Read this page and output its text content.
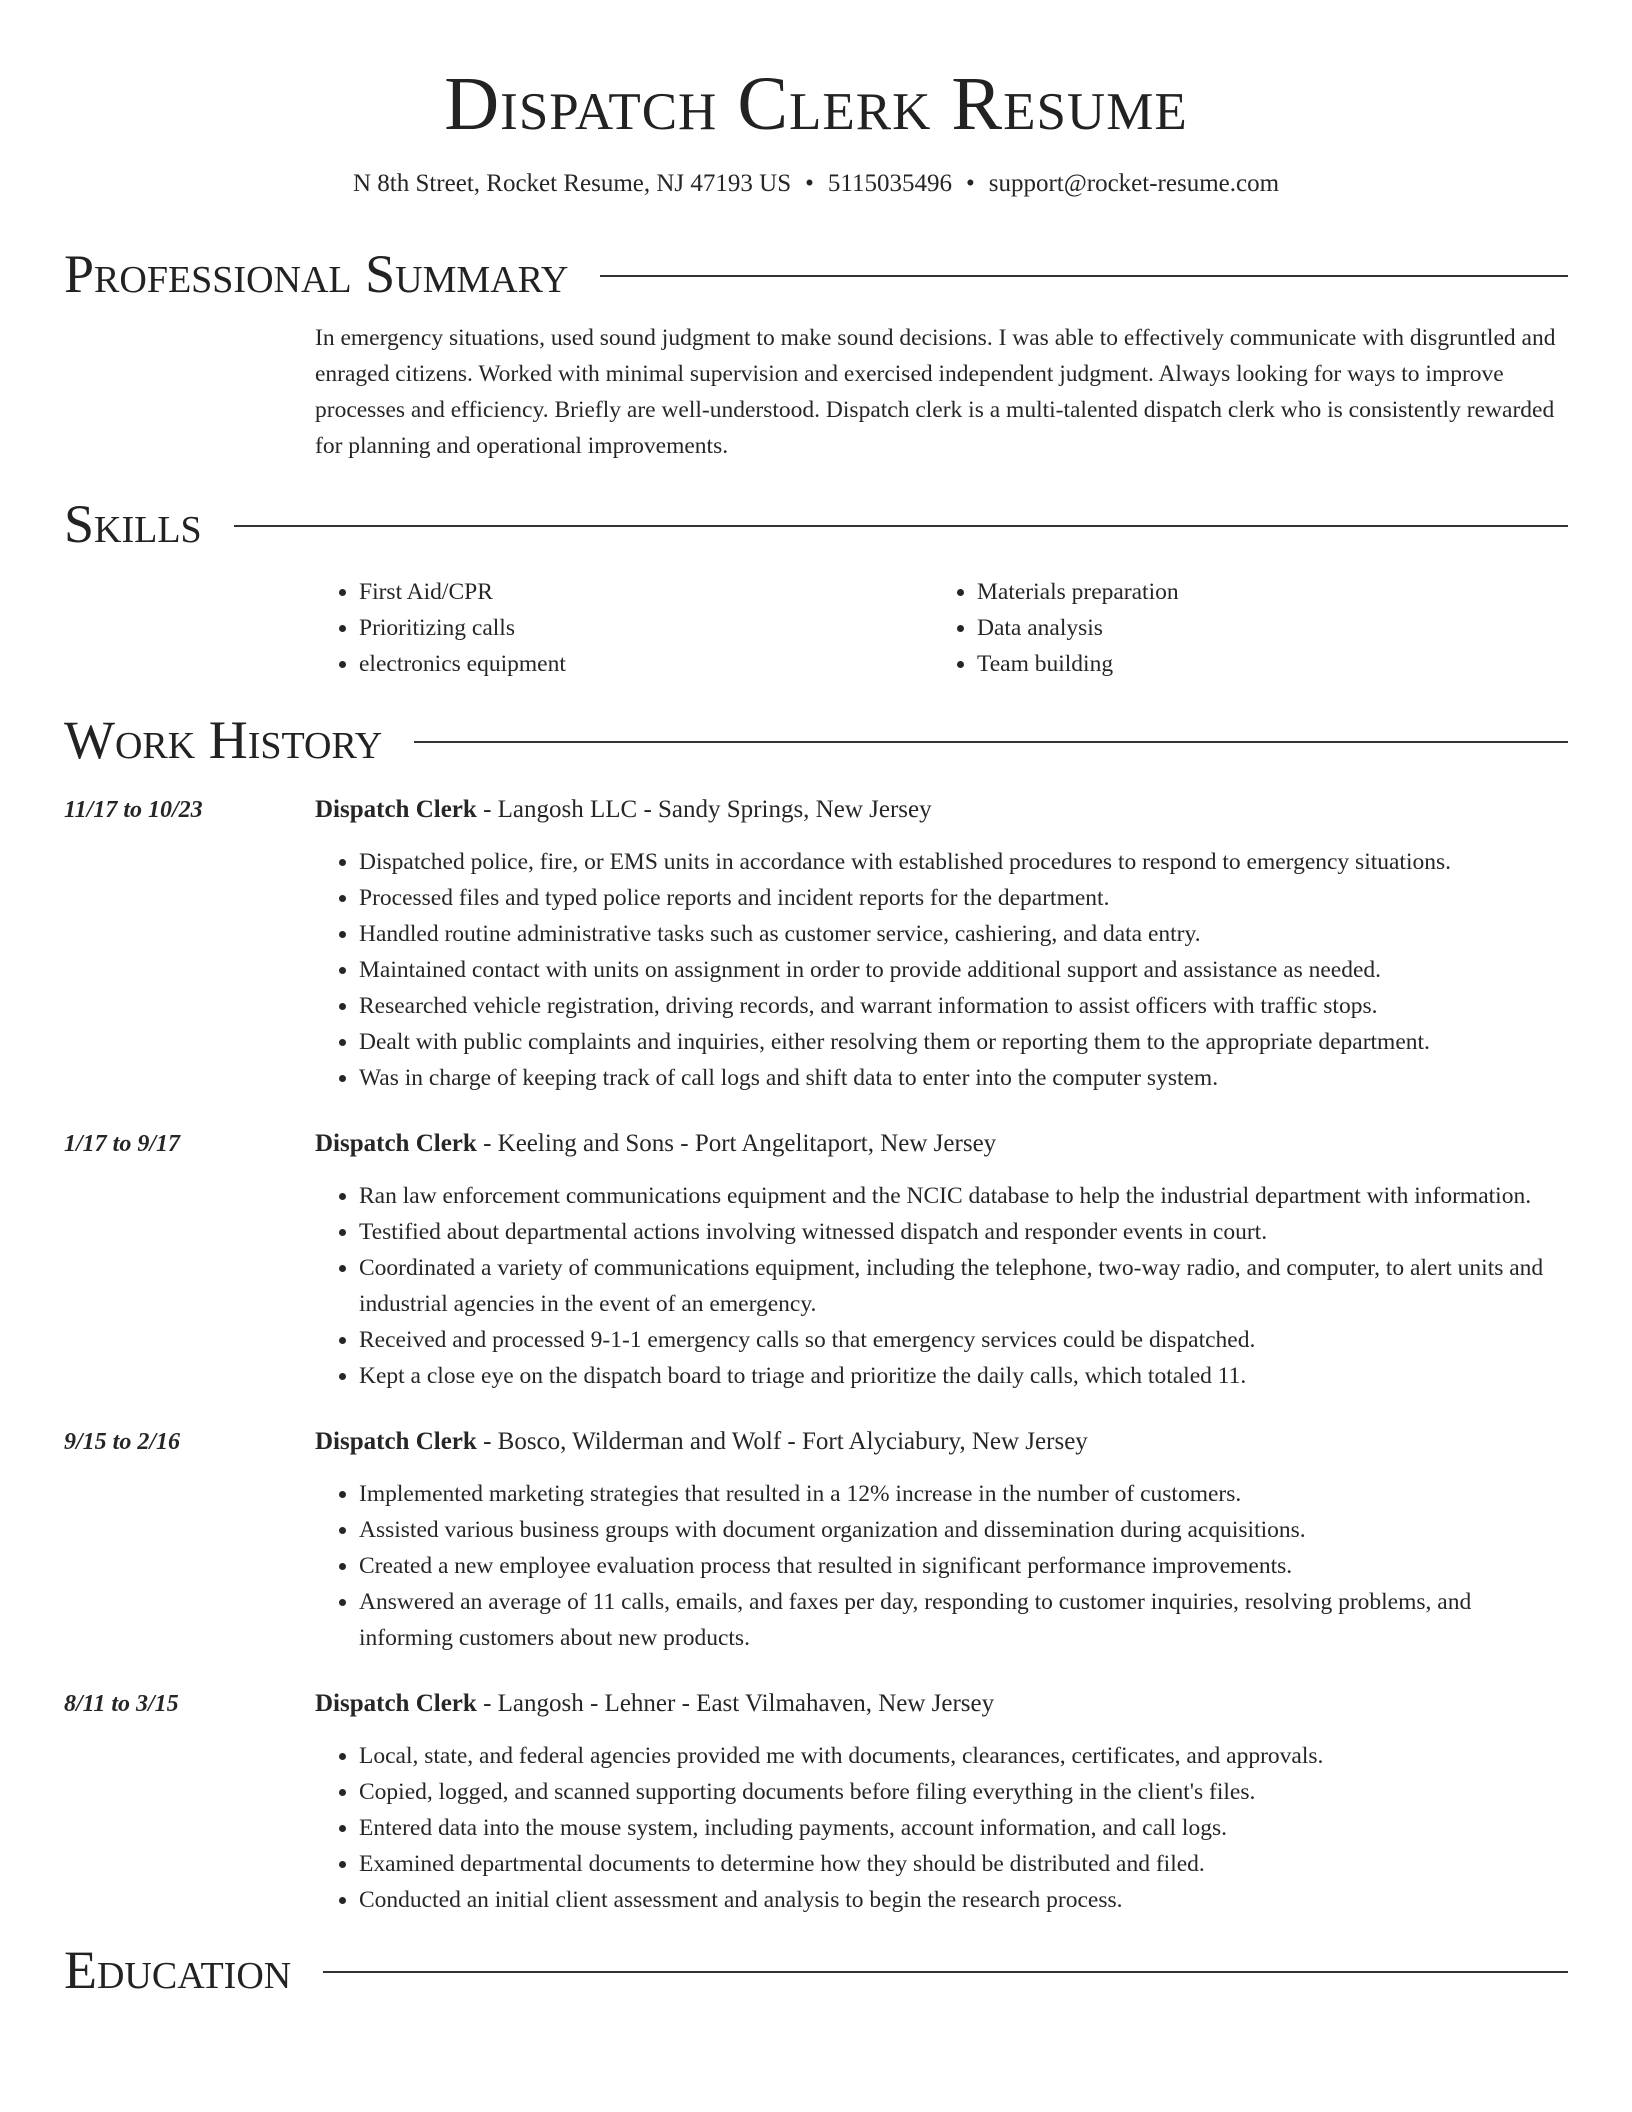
Dispatch Clerk Resume
N 8th Street, Rocket Resume, NJ 47193 US • 5115035496 • support@rocket-resume.com
Professional Summary

In emergency situations, used sound judgment to make sound decisions. I was able to effectively communicate with disgruntled and enraged citizens. Worked with minimal supervision and exercised independent judgment. Always looking for ways to improve processes and efficiency. Briefly are well-understood. Dispatch clerk is a multi-talented dispatch clerk who is consistently rewarded for planning and operational improvements.

Skills
• First Aid/CPR
• Prioritizing calls
• electronics equipment
• Materials preparation
• Data analysis
• Team building
Work History
11/17 to 10/23	Dispatch Clerk - Langosh LLC - Sandy Springs, New Jersey
• Dispatched police, fire, or EMS units in accordance with established procedures to respond to emergency situations.
• Processed files and typed police reports and incident reports for the department.
• Handled routine administrative tasks such as customer service, cashiering, and data entry.
• Maintained contact with units on assignment in order to provide additional support and assistance as needed.
• Researched vehicle registration, driving records, and warrant information to assist officers with traffic stops.
• Dealt with public complaints and inquiries, either resolving them or reporting them to the appropriate department.
• Was in charge of keeping track of call logs and shift data to enter into the computer system.
1/17 to 9/17	Dispatch Clerk - Keeling and Sons - Port Angelitaport, New Jersey
• Ran law enforcement communications equipment and the NCIC database to help the industrial department with information.
• Testified about departmental actions involving witnessed dispatch and responder events in court.
• Coordinated a variety of communications equipment, including the telephone, two-way radio, and computer, to alert units and industrial agencies in the event of an emergency.
• Received and processed 9-1-1 emergency calls so that emergency services could be dispatched.
• Kept a close eye on the dispatch board to triage and prioritize the daily calls, which totaled 11.
9/15 to 2/16	Dispatch Clerk - Bosco, Wilderman and Wolf - Fort Alyciabury, New Jersey
• Implemented marketing strategies that resulted in a 12% increase in the number of customers.
• Assisted various business groups with document organization and dissemination during acquisitions.
• Created a new employee evaluation process that resulted in significant performance improvements.
• Answered an average of 11 calls, emails, and faxes per day, responding to customer inquiries, resolving problems, and informing customers about new products.
8/11 to 3/15	Dispatch Clerk - Langosh - Lehner - East Vilmahaven, New Jersey
• Local, state, and federal agencies provided me with documents, clearances, certificates, and approvals.
• Copied, logged, and scanned supporting documents before filing everything in the client's files.
• Entered data into the mouse system, including payments, account information, and call logs.
• Examined departmental documents to determine how they should be distributed and filed.
• Conducted an initial client assessment and analysis to begin the research process.
Education
